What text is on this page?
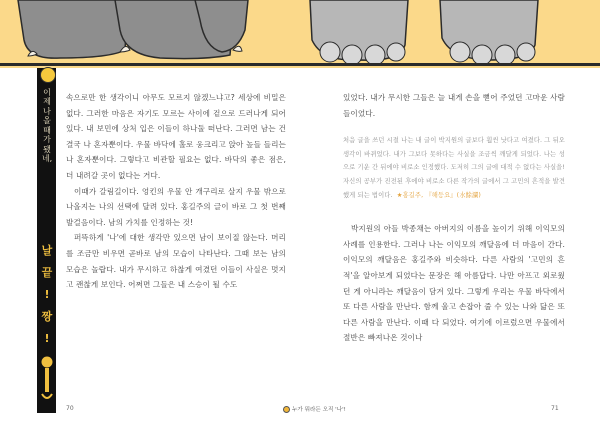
이제
나올
때가
됐네,
날
끝
!
짱
!

속으로만 한 생각이니 아무도 모르지 않겠느냐고? 세상에 비밀은 없다. 그러한 마음은 자기도 모르는 사이에 겉으로 드러나게 되어 있다. 내 보민에 상처 입은 이들이 하나둘 떠난다. 그러면 남는 건 결국 나 혼자뿐이다. 우물 바닥에 홀로 웅크리고 앉아 높들 들리는 나 혼자뿐이다. 그렇다고 비관할 필요는 없다. 바닥의 좋은 점은, 더 내려갈 곳이 없다는 거다.

이때가 갈림길이다. 엉킨의 우물 안 개구리로 살지 우물 밖으로 나올지는 나의 선택에 달려 있다. 홍길주의 글이 바로 그 첫 번째 발걸음이다. 남의 가치를 인정하는 것!

퍼뜩하게 '나'에 대한 생각만 있으면 남이 보이질 않는다. 머리를 조금만 비우면 곧바로 남의 모습이 나타난다. 그때 보는 남의 모습은 놀랍다. 내가 무시하고 하찮게 여겼던 이들이 사실은 멋지고 괜찮게 보인다. 어쩌면 그들은 내 스승이 될 수도

있었다. 내가 무시한 그들은 늘 내게 손을 뻗어 주었던 고마운 사람들이었다.

처음 글을 쓰던 시절 나는 내 글이 박지원의 글보다 훨씬 낫다고 여겼다. 그 뒤오 생각이 바뀌었다. 내가 그보다 못하다는 사실을 조금씩 깨달게 되었다. 나는 성으로 기운 간 뒤에야 비로소 인정했다. 도저히 그의 글에 대적 수 없다는 사실을! 자신의 공부가 진전된 후에야 비로소 다른 작가의 글에서 그 고민의 흔적을 발견했게 되는 법이다.  ★홍길주, 『해등요』(水餘瀾)

박지원의 아들 박종채는 아버지의 이름을 높이기 위해 이익모의 사례를 인용한다. 그러나 나는 이익모의 깨달음에 더 마음이 간다. 이익모의 깨달음은 홍길주와 비슷하다. 다른 사람의 '고민의 흔적'을 알아보게 되었다는 문장은 해 아름답다. 나만 아프고 외로웠던 게 아니라는 깨달음이 담겨 있다. 그렇게 우리는 우물 바닥에서 또 다른 사람을 만난다. 함께 울고 손잡아 줄 수 있는 나와 닮은 또 다른 사람을 만난다. 이때 다 되었다. 여기에 이르렀으면 우물에서 절반은 빠져나온 것이나

70	누가 뭐라든 오직 '나'!	71
